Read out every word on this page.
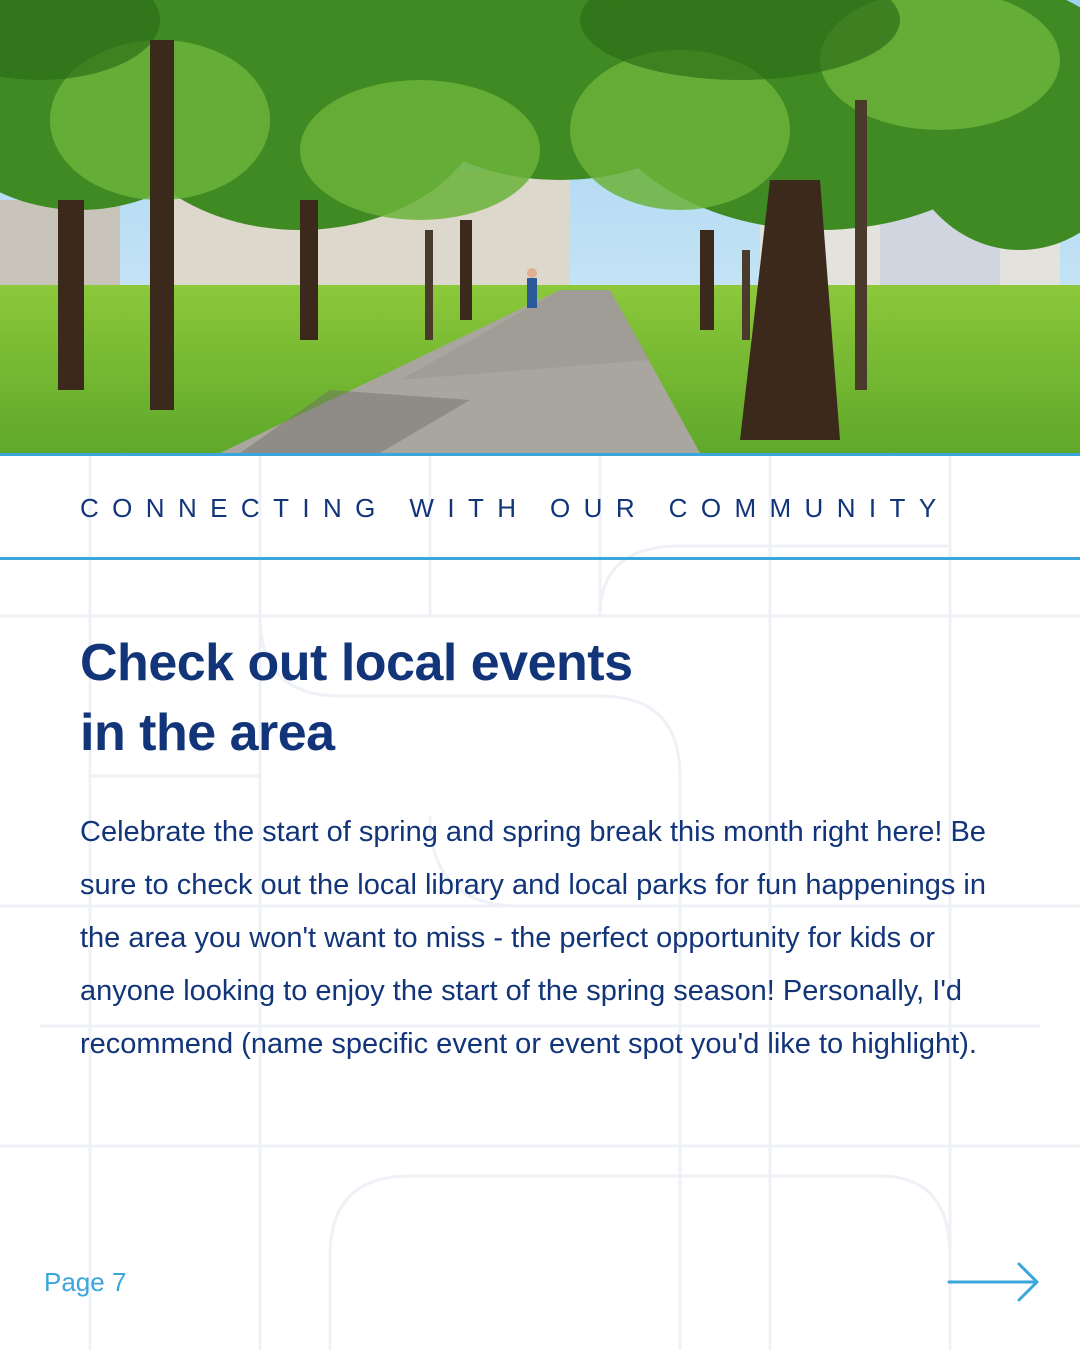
CONNECTING WITH OUR COMMUNITY
Check out local events
in the area

Celebrate the start of spring and spring break this month right here! Be sure to check out the local library and local parks for fun happenings in the area you won't want to miss - the perfect opportunity for kids or anyone looking to enjoy the start of the spring season! Personally, I'd recommend (name specific event or event spot you'd like to highlight).

Page 7
